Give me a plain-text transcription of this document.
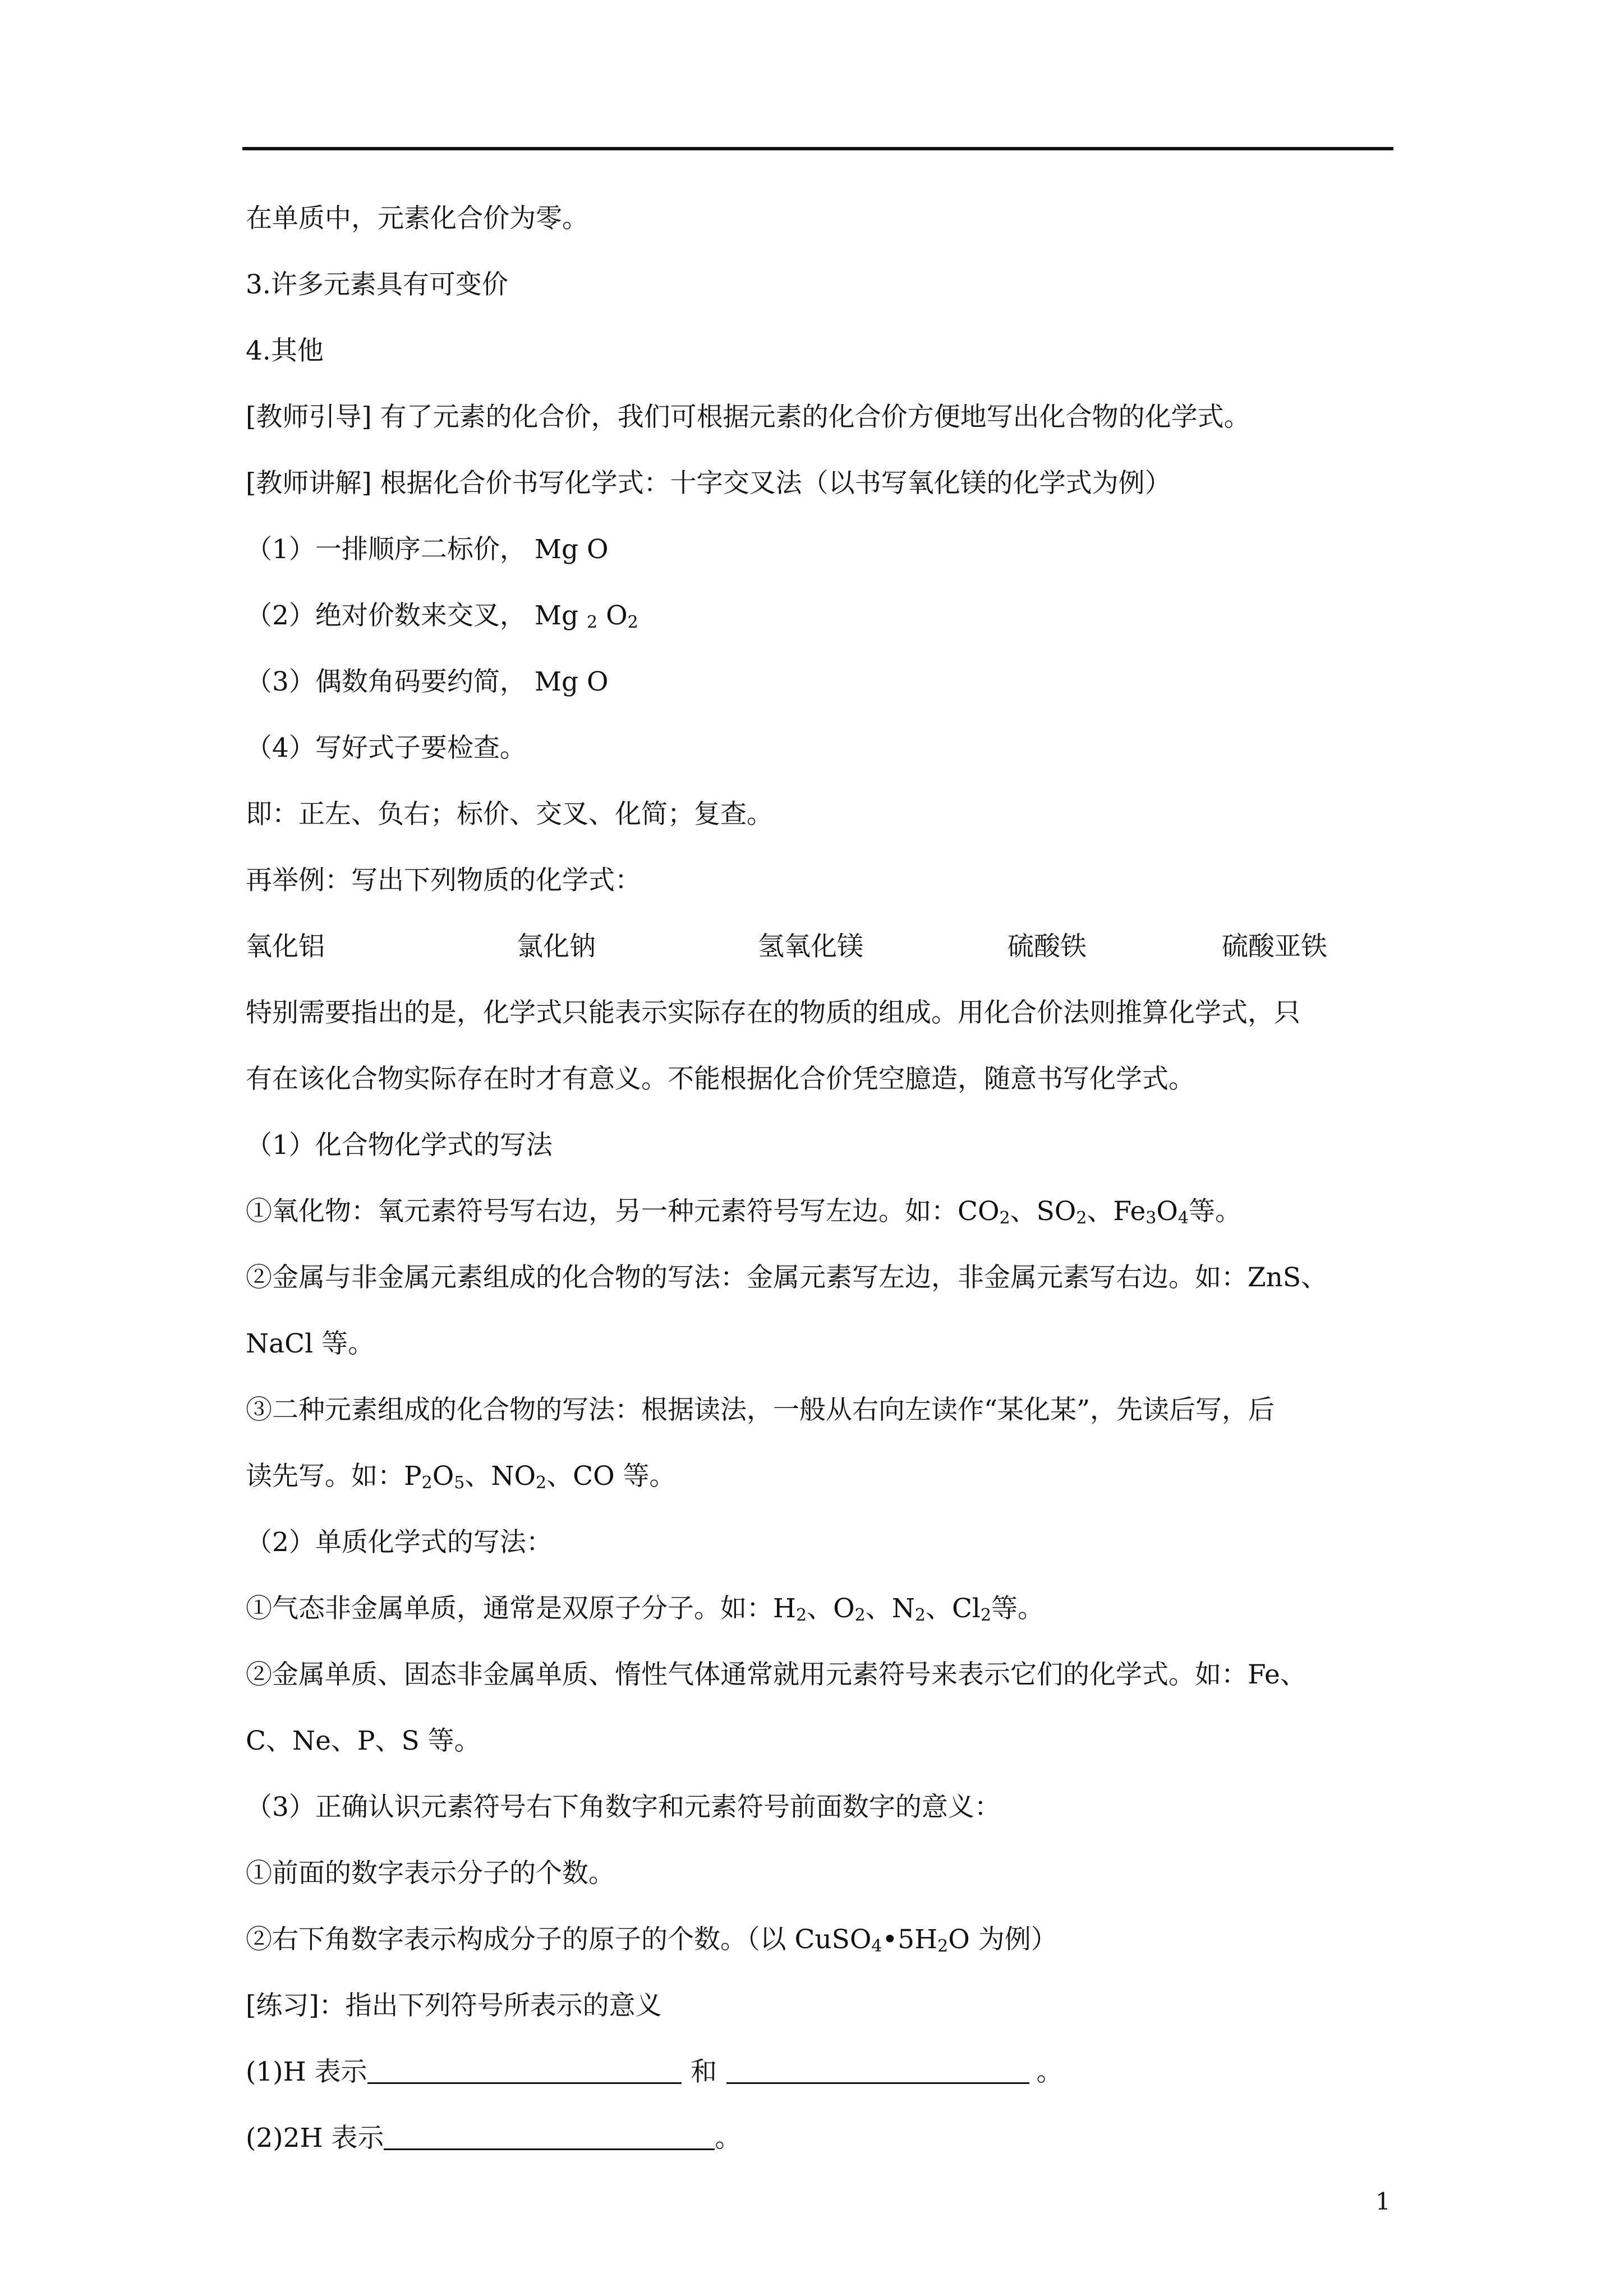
在单质中，元素化合价为零。
3.许多元素具有可变价
4.其他
[教师引导] 有了元素的化合价，我们可根据元素的化合价方便地写出化合物的化学式。
[教师讲解] 根据化合价书写化学式：十字交叉法（以书写氧化镁的化学式为例）
（1）一排顺序二标价， Mg O
（2）绝对价数来交叉， Mg $_2$ $O_2$
（3）偶数角码要约简， Mg O
（4）写好式子要检查。
即：正左、负右；标价、交叉、化简；复查。
再举例：写出下列物质的化学式：
氧化铝	氯化钠	氢氧化镁	硫酸铁	硫酸亚铁
特别需要指出的是，化学式只能表示实际存在的物质的组成。用化合价法则推算化学式，只
有在该化合物实际存在时才有意义。不能根据化合价凭空臆造，随意书写化学式。
（1）化合物化学式的写法
①氧化物：氧元素符号写右边，另一种元素符号写左边。如：$CO_2$、$SO_2$、$Fe_3O_4$等。
②金属与非金属元素组成的化合物的写法：金属元素写左边，非金属元素写右边。如：ZnS、
NaCl 等。
③二种元素组成的化合物的写法：根据读法，一般从右向左读作“某化某”，先读后写，后
读先写。如：$P_2O_5$、$NO_2$、CO 等。
（2）单质化学式的写法：
①气态非金属单质，通常是双原子分子。如：$H_2$、$O_2$、$N_2$、$Cl_2$等。
②金属单质、固态非金属单质、惰性气体通常就用元素符号来表示它们的化学式。如：Fe、
C、Ne、P、S 等。
（3）正确认识元素符号右下角数字和元素符号前面数字的意义：
①前面的数字表示分子的个数。
②右下角数字表示构成分子的原子的个数。（以 $CuSO_4•5H_2O$ 为例）
[练习]：指出下列符号所表示的意义
(1)H 表示	和	。
(2)2H 表示	。
1
